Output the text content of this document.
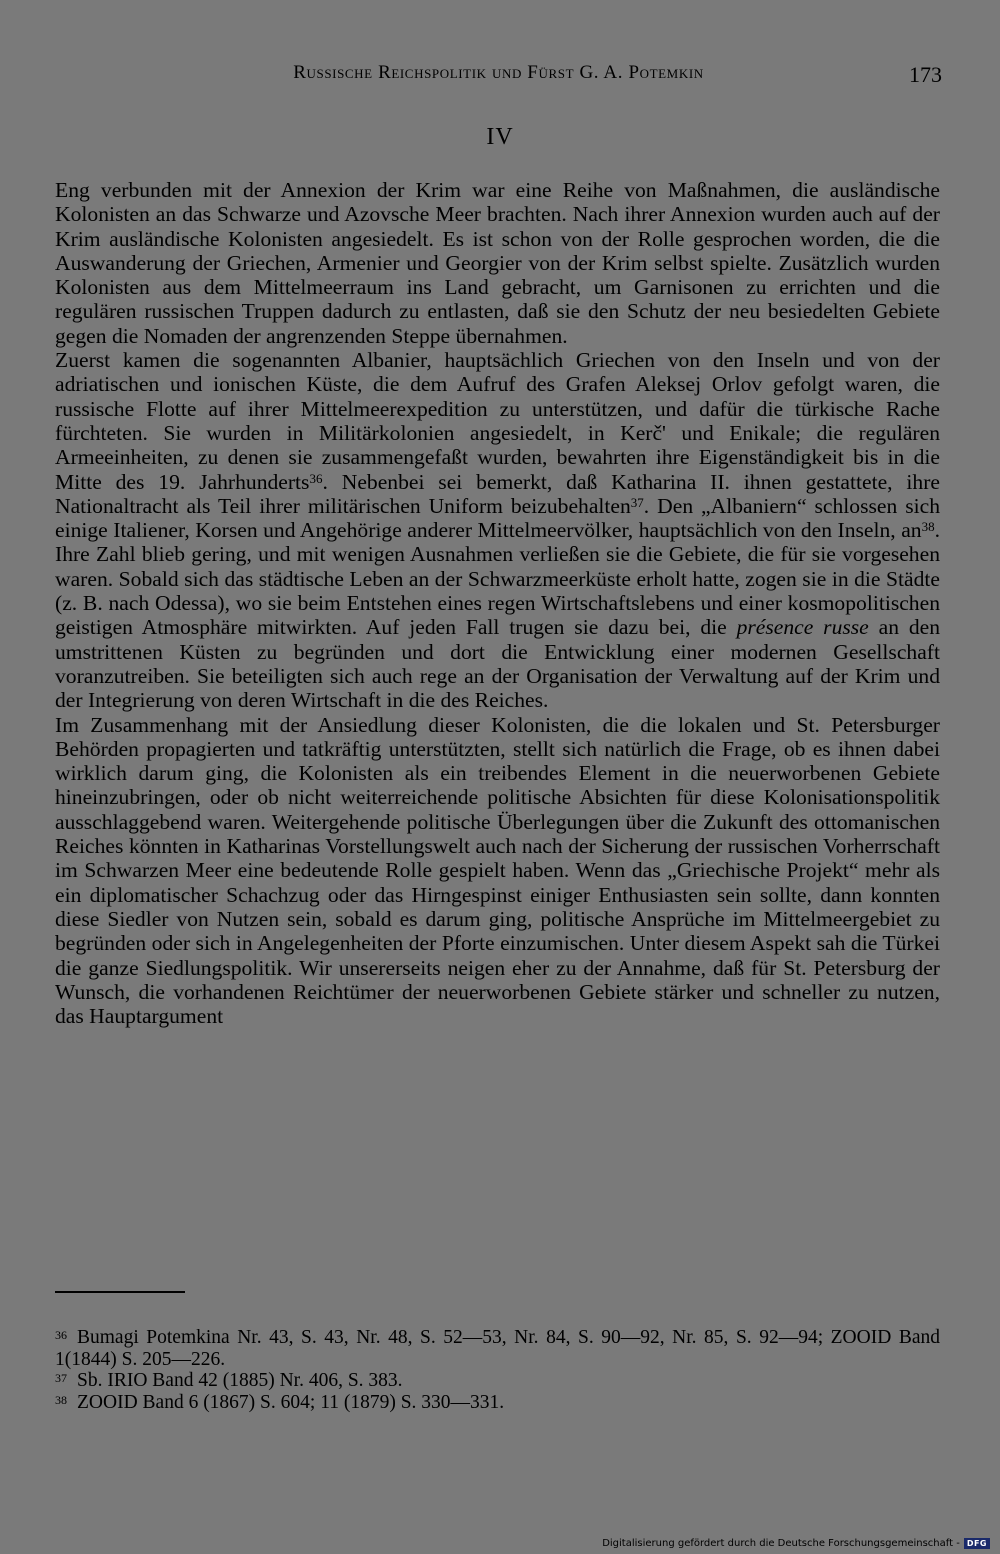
Russische Reichspolitik und Fürst G. A. Potemkin	173
IV

Eng verbunden mit der Annexion der Krim war eine Reihe von Maßnahmen, die ausländische Kolonisten an das Schwarze und Azovsche Meer brachten. Nach ihrer Annexion wurden auch auf der Krim ausländische Kolonisten angesiedelt. Es ist schon von der Rolle gesprochen worden, die die Auswanderung der Griechen, Armenier und Georgier von der Krim selbst spielte. Zusätzlich wurden Kolonisten aus dem Mittelmeerraum ins Land gebracht, um Garnisonen zu errichten und die regulären russischen Truppen dadurch zu entlasten, daß sie den Schutz der neu besiedelten Gebiete gegen die Nomaden der angrenzenden Steppe übernahmen.

Zuerst kamen die sogenannten Albanier, hauptsächlich Griechen von den Inseln und von der adriatischen und ionischen Küste, die dem Aufruf des Grafen Aleksej Orlov gefolgt waren, die russische Flotte auf ihrer Mittelmeerexpedition zu unterstützen, und dafür die türkische Rache fürchteten. Sie wurden in Militärkolonien angesiedelt, in Kerč' und Enikale; die regulären Armeeinheiten, zu denen sie zusammengefaßt wurden, bewahrten ihre Eigenständigkeit bis in die Mitte des 19. Jahrhunderts$^{36}$. Nebenbei sei bemerkt, daß Katharina II. ihnen gestattete, ihre Nationaltracht als Teil ihrer militärischen Uniform beizubehalten$^{37}$. Den „Albaniern“ schlossen sich einige Italiener, Korsen und Angehörige anderer Mittelmeervölker, hauptsächlich von den Inseln, $an^{38}$. Ihre Zahl blieb gering, und mit wenigen Ausnahmen verließen sie die Gebiete, die für sie vorgesehen waren. Sobald sich das städtische Leben an der Schwarzmeerküste erholt hatte, zogen sie in die Städte (z. B. nach Odessa), wo sie beim Entstehen eines regen Wirtschaftslebens und einer kosmopolitischen geistigen Atmosphäre mitwirkten. Auf jeden Fall trugen sie dazu bei, die présence russe an den umstrittenen Küsten zu begründen und dort die Entwicklung einer modernen Gesellschaft voranzutreiben. Sie beteiligten sich auch rege an der Organisation der Verwaltung auf der Krim und der Integrierung von deren Wirtschaft in die des Reiches.

Im Zusammenhang mit der Ansiedlung dieser Kolonisten, die die lokalen und St. Petersburger Behörden propagierten und tatkräftig unterstützten, stellt sich natürlich die Frage, ob es ihnen dabei wirklich darum ging, die Kolonisten als ein treibendes Element in die neuerworbenen Gebiete hineinzubringen, oder ob nicht weiterreichende politische Absichten für diese Kolonisationspolitik ausschlaggebend waren. Weitergehende politische Überlegungen über die Zukunft des ottomanischen Reiches könnten in Katharinas Vorstellungswelt auch nach der Sicherung der russischen Vorherrschaft im Schwarzen Meer eine bedeutende Rolle gespielt haben. Wenn das „Griechische Projekt“ mehr als ein diplomatischer Schachzug oder das Hirngespinst einiger Enthusiasten sein sollte, dann konnten diese Siedler von Nutzen sein, sobald es darum ging, politische Ansprüche im Mittelmeergebiet zu begründen oder sich in Angelegenheiten der Pforte einzumischen. Unter diesem Aspekt sah die Türkei die ganze Siedlungspolitik. Wir unsererseits neigen eher zu der Annahme, daß für St. Petersburg der Wunsch, die vorhandenen Reichtümer der neuerworbenen Gebiete stärker und schneller zu nutzen, das Hauptargument

$^{36}$ Bumagi Potemkina Nr. 43, S. 43, Nr. 48, S. 52—53, Nr. 84, S. 90—92, Nr. 85, S. 92—94; ZOOID Band 1(1844) S. 205—226.

$^{37}$ Sb. IRIO Band 42 (1885) Nr. 406, S. 383.

$^{38}$ ZOOID Band 6 (1867) S. 604; 11 (1879) S. 330—331.

Digitalisierung gefördert durch die Deutsche Forschungsgemeinschaft - DFG
